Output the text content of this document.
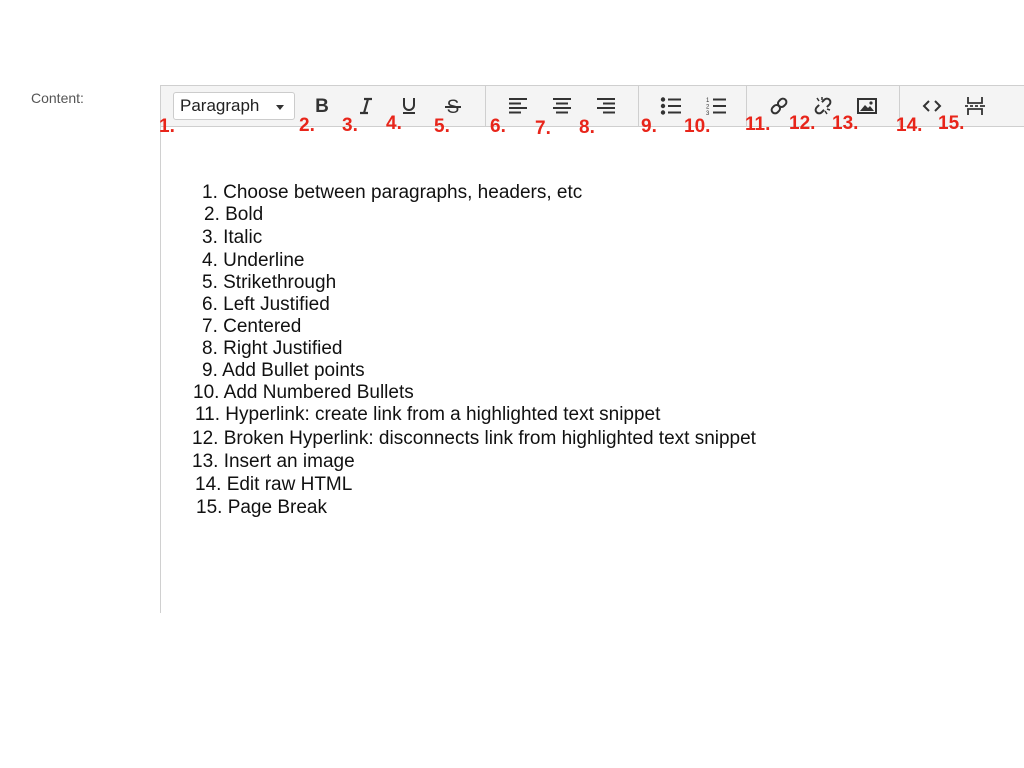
Content:	Paragraph	B	S	1
2
3
1.	2. 3. 4. 5. 6. 7. 8. 9. 10. 11. 12. 13. 14. 15.
1. Choose between paragraphs, headers, etc
2. Bold
3. Italic
4. Underline
5. Strikethrough
6. Left Justified
7. Centered
8. Right Justified
9. Add Bullet points
10. Add Numbered Bullets
11. Hyperlink: create link from a highlighted text snippet
12. Broken Hyperlink: disconnects link from highlighted text snippet
13. Insert an image
14. Edit raw HTML
15. Page Break
